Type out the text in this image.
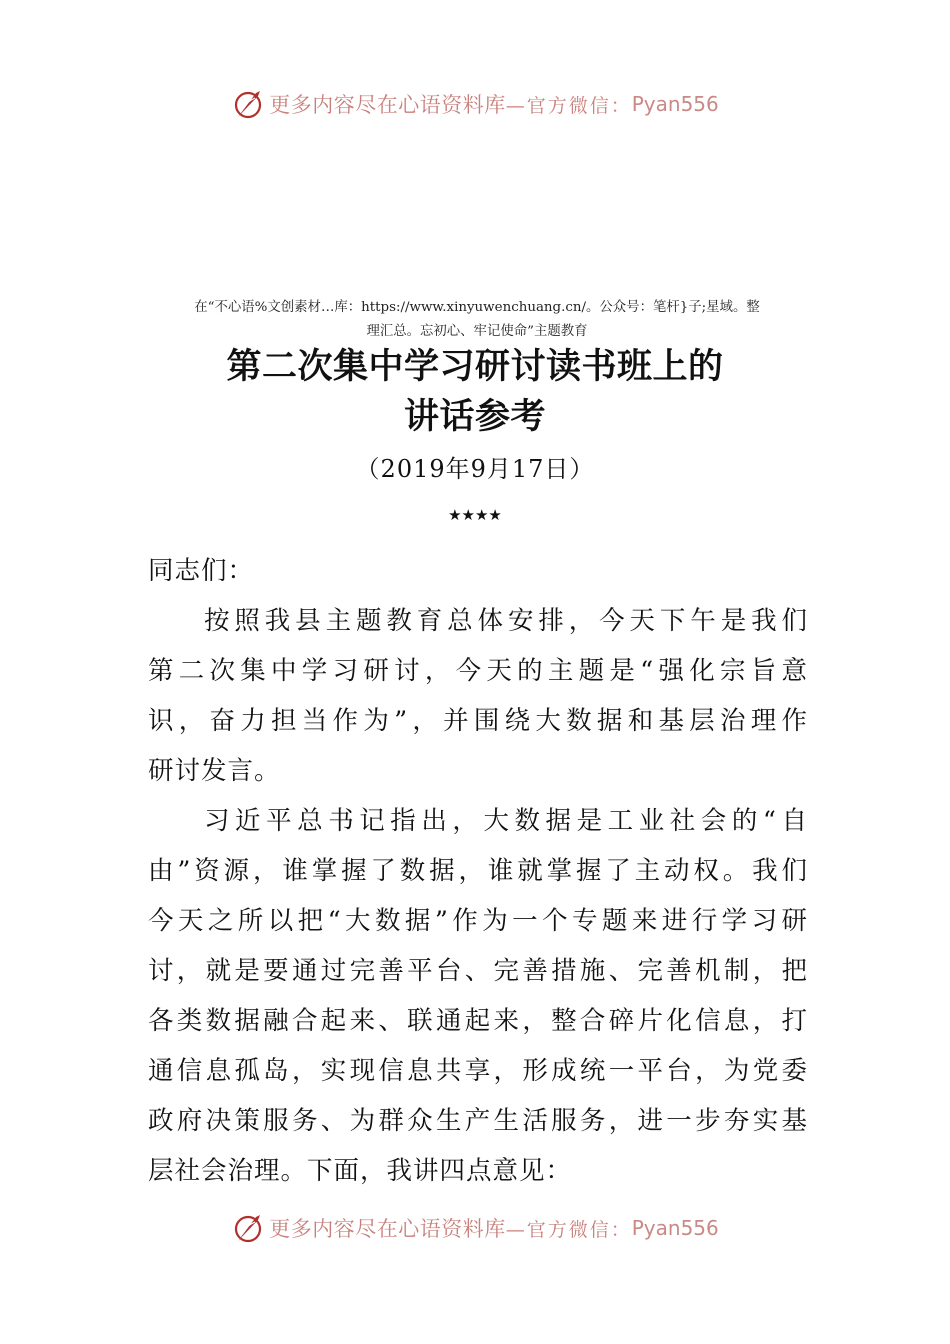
更多内容尽在心语资料库 —官方微信： Pyan556
在“不心语%文创素材…库：https://www.xinyuwenchuang.cn/。公众号：笔杆}子;星域。整
理汇总。忘初心、牢记使命”主题教育
第二次集中学习研讨读书班上的
讲话参考
（2019年9月17日）
★★★★
同志们：
按照我县主题教育总体安排，今天下午是我们
第二次集中学习研讨，今天的主题是“强化宗旨意
识，奋力担当作为”，并围绕大数据和基层治理作
研讨发言。
习近平总书记指出，大数据是工业社会的“自
由”资源，谁掌握了数据，谁就掌握了主动权。我们
今天之所以把“大数据”作为一个专题来进行学习研
讨，就是要通过完善平台、完善措施、完善机制，把
各类数据融合起来、联通起来，整合碎片化信息，打
通信息孤岛，实现信息共享，形成统一平台，为党委
政府决策服务、为群众生产生活服务，进一步夯实基
层社会治理。下面，我讲四点意见：
更多内容尽在心语资料库 —官方微信： Pyan556
